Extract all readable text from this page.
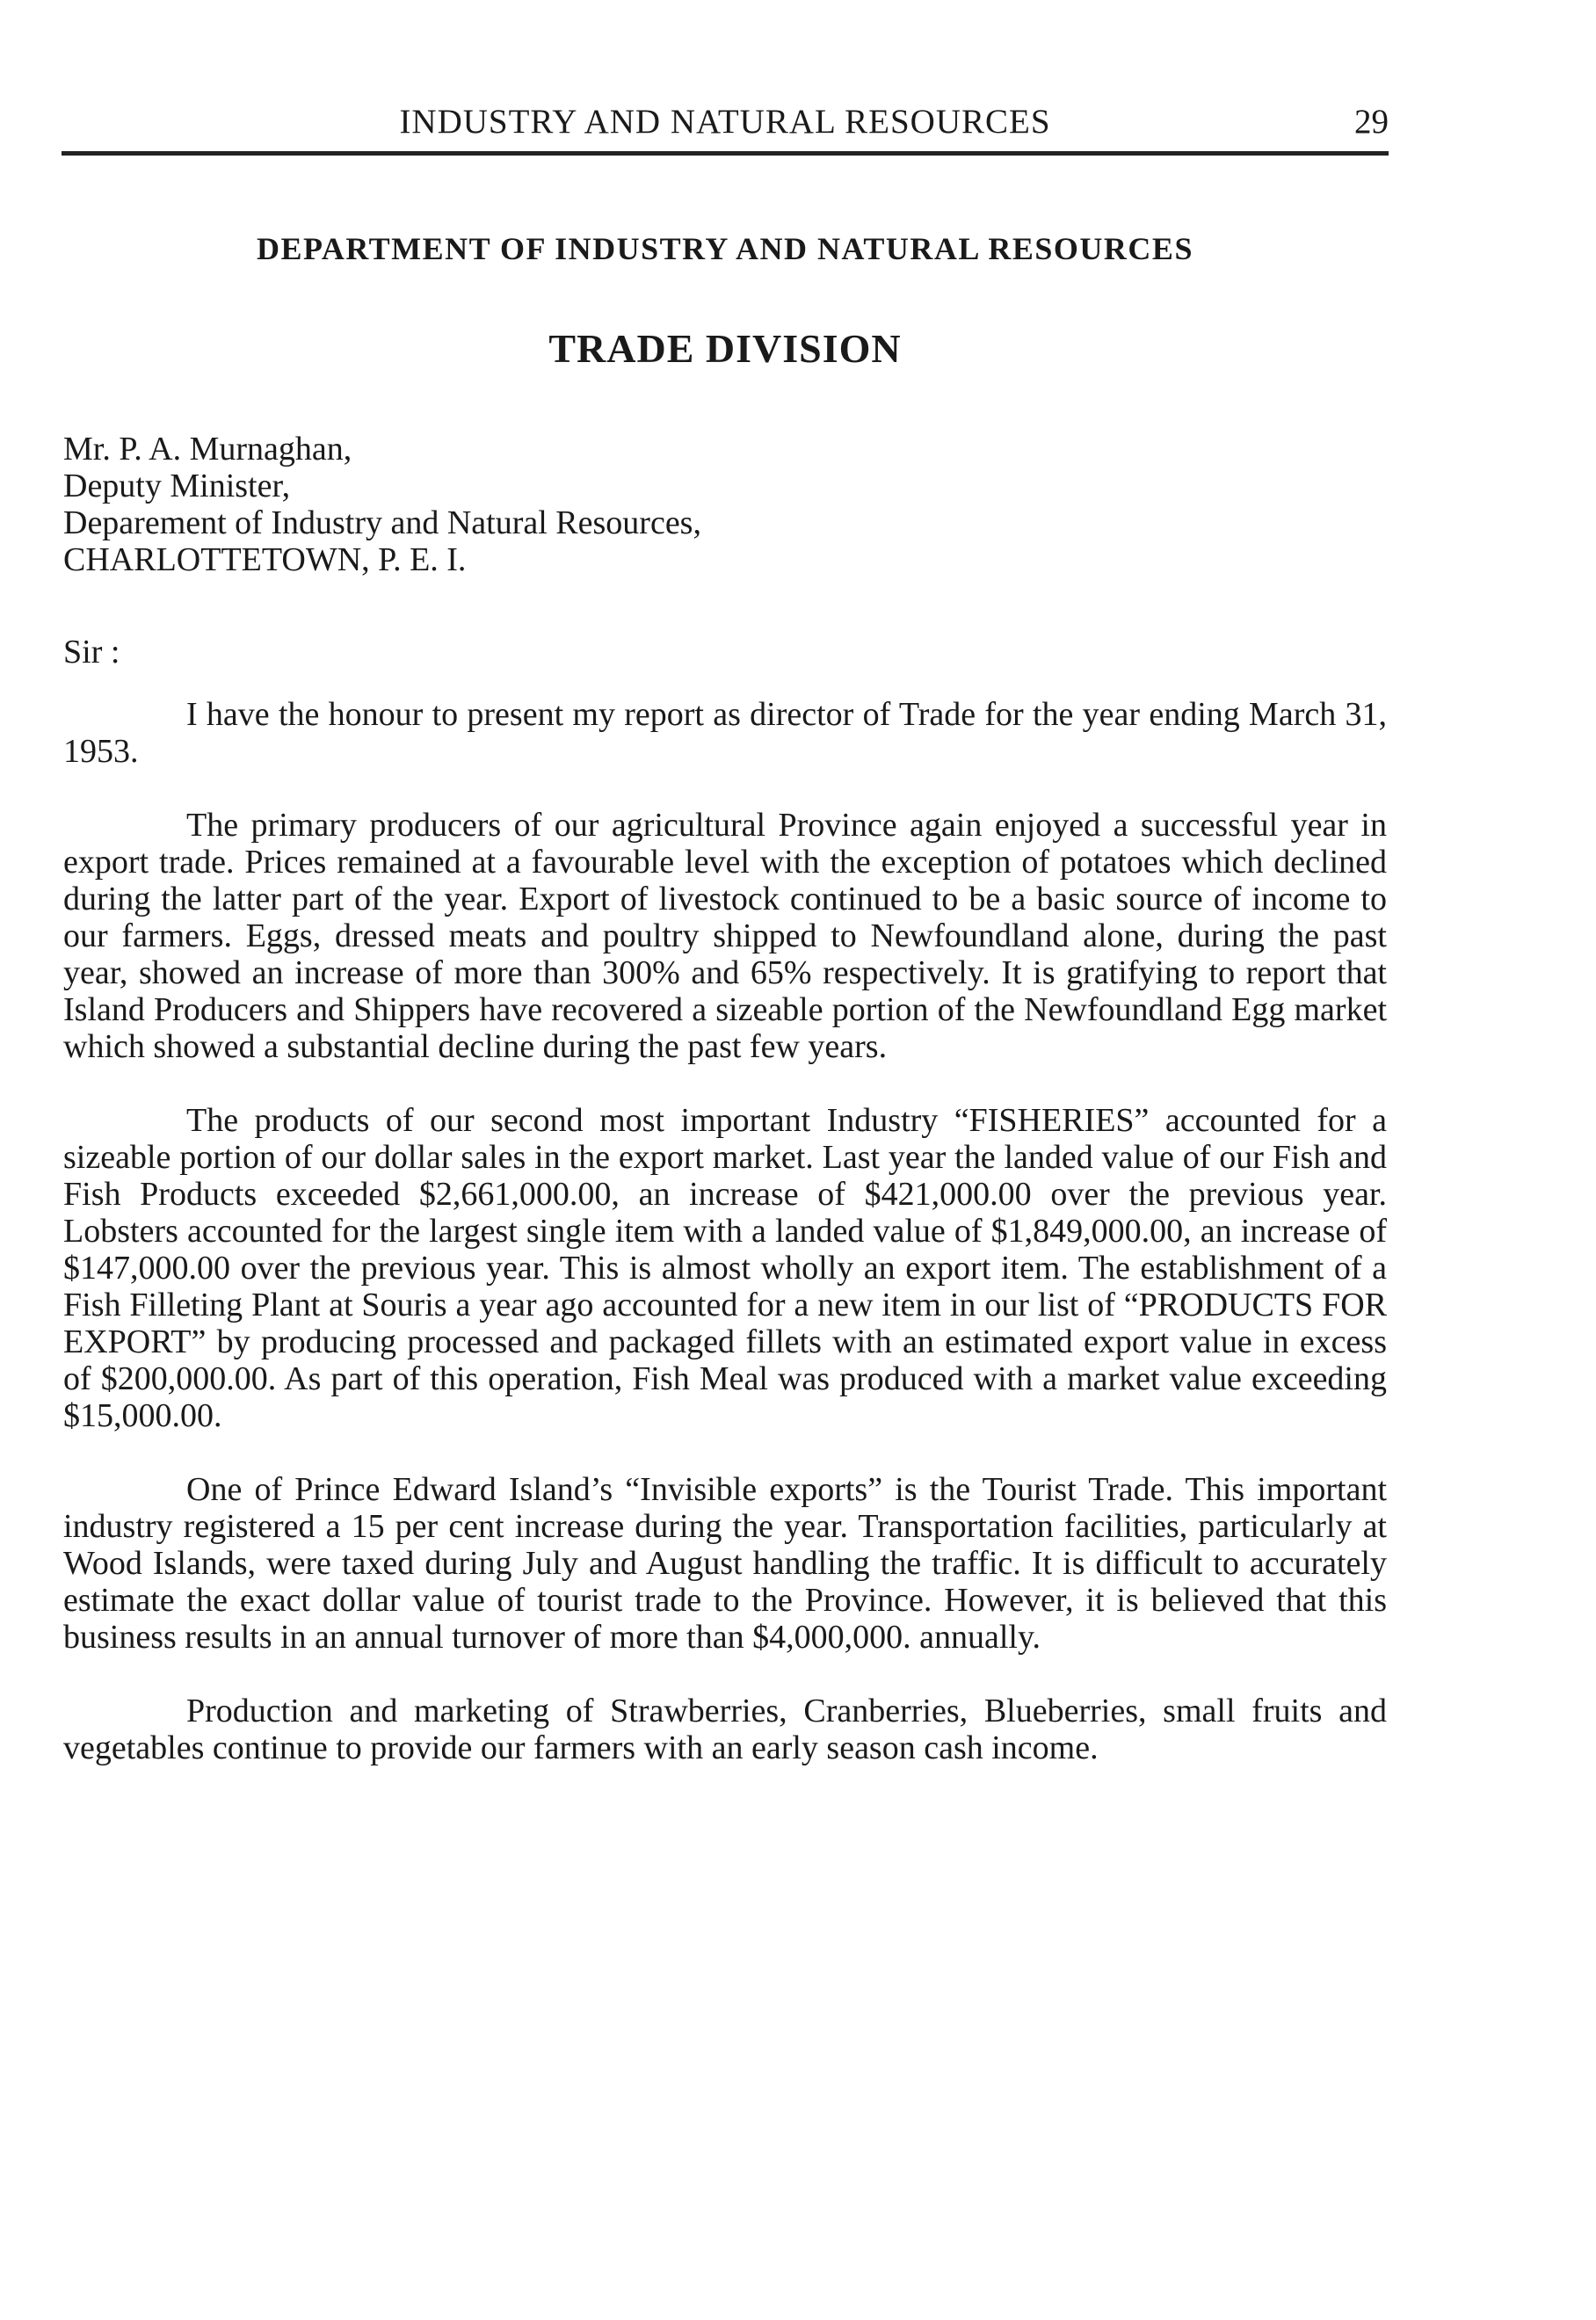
INDUSTRY AND NATURAL RESOURCES	29
DEPARTMENT OF INDUSTRY AND NATURAL RESOURCES
TRADE DIVISION
Mr. P. A. Murnaghan,
Deputy Minister,
Deparement of Industry and Natural Resources,
CHARLOTTETOWN, P. E. I.
Sir :

I have the honour to present my report as director of Trade for the year ending March 31, 1953.

The primary producers of our agricultural Province again enjoyed a successful year in export trade. Prices remained at a favourable level with the exception of potatoes which declined during the latter part of the year. Export of livestock continued to be a basic source of income to our farmers. Eggs, dressed meats and poultry shipped to Newfoundland alone, during the past year, showed an increase of more than 300% and 65% respectively. It is gratifying to report that Island Producers and Shippers have recovered a sizeable portion of the Newfoundland Egg market which showed a substantial decline during the past few years.

The products of our second most important Industry “FISHERIES” accounted for a sizeable portion of our dollar sales in the export market. Last year the landed value of our Fish and Fish Products exceeded $2,661,000.00, an increase of $421,000.00 over the previous year. Lobsters accounted for the largest single item with a landed value of $1,849,000.00, an increase of $147,000.00 over the previous year. This is almost wholly an export item. The establishment of a Fish Filleting Plant at Souris a year ago accounted for a new item in our list of “PRODUCTS FOR EXPORT” by producing processed and packaged fillets with an estimated export value in excess of $200,000.00. As part of this operation, Fish Meal was produced with a market value exceeding $15,000.00.

One of Prince Edward Island’s “Invisible exports” is the Tourist Trade. This important industry registered a 15 per cent increase during the year. Transportation facilities, particularly at Wood Islands, were taxed during July and August handling the traffic. It is difficult to accurately estimate the exact dollar value of tourist trade to the Province. However, it is believed that this business results in an annual turnover of more than $4,000,000. annually.

Production and marketing of Strawberries, Cranberries, Blueberries, small fruits and vegetables continue to provide our farmers with an early season cash income.
